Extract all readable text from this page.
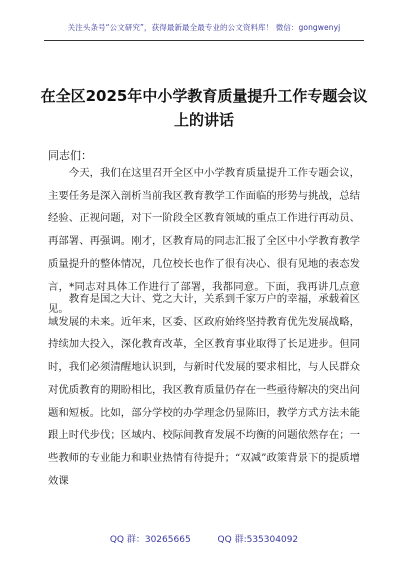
关注头条号“公文研究”，获得最新最全最专业的公文资料库！ 微信：gongwenyj
在全区2025年中小学教育质量提升工作专题会议上的讲话
同志们：
今天，我们在这里召开全区中小学教育质量提升工作专题会议，主要任务是深入剖析当前我区教育教学工作面临的形势与挑战，总结经验、正视问题，对下一阶段全区教育领域的重点工作进行再动员、再部署、再强调。刚才，区教育局的同志汇报了全区中小学教育教学质量提升的整体情况，几位校长也作了很有决心、很有见地的表态发言，*同志对具体工作进行了部署，我都同意。下面，我再讲几点意见。
教育是国之大计、党之大计，关系到千家万户的幸福，承载着区域发展的未来。近年来，区委、区政府始终坚持教育优先发展战略，持续加大投入，深化教育改革，全区教育事业取得了长足进步。但同时，我们必须清醒地认识到，与新时代发展的要求相比，与人民群众对优质教育的期盼相比，我区教育质量仍存在一些亟待解决的突出问题和短板。比如，部分学校的办学理念仍显陈旧，教学方式方法未能跟上时代步伐；区域内、校际间教育发展不均衡的问题依然存在；一些教师的专业能力和职业热情有待提升；“双减”政策背景下的提质增效课
QQ 群：30265665	QQ 群:535304092
